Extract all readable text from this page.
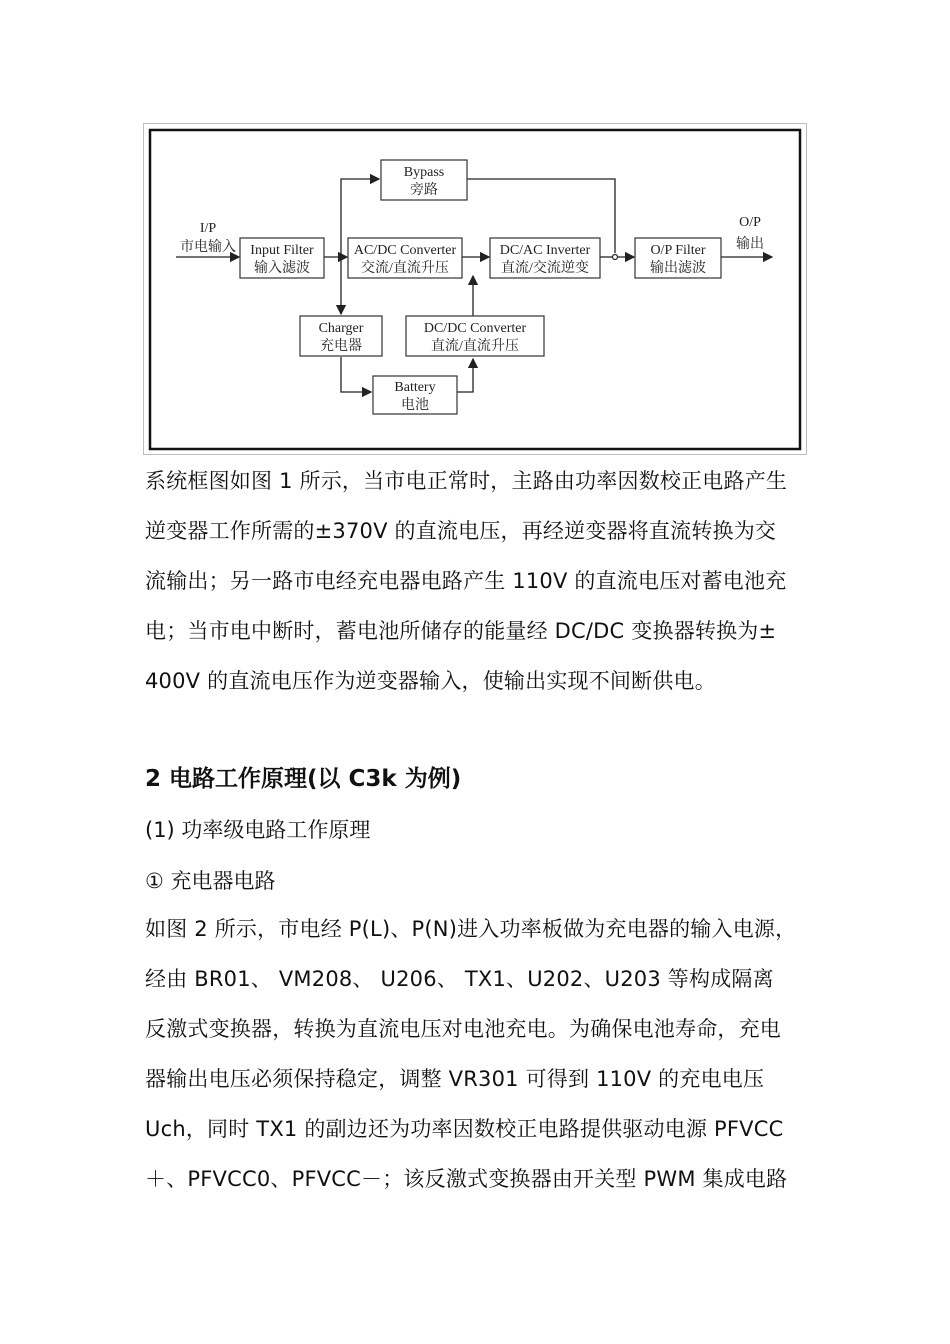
Bypass
旁路
Input Filter
输入滤波
AC/DC Converter
交流/直流升压
DC/AC Inverter
直流/交流逆变
O/P Filter
输出滤波
Charger
充电器
DC/DC Converter
直流/直流升压
Battery
电池
I/P
市电输入
O/P
输出
系统框图如图 1 所示，当市电正常时，主路由功率因数校正电路产生
逆变器工作所需的±370V 的直流电压，再经逆变器将直流转换为交
流输出；另一路市电经充电器电路产生 110V 的直流电压对蓄电池充
电；当市电中断时，蓄电池所储存的能量经 DC/DC 变换器转换为±
400V 的直流电压作为逆变器输入，使输出实现不间断供电。
2 电路工作原理(以 C3k 为例)
(1) 功率级电路工作原理
① 充电器电路
如图 2 所示，市电经 P(L)、P(N)进入功率板做为充电器的输入电源，
经由 BR01、 VM208、 U206、 TX1、U202、U203 等构成隔离
反激式变换器，转换为直流电压对电池充电。为确保电池寿命，充电
器输出电压必须保持稳定，调整 VR301 可得到 110V 的充电电压
Uch，同时 TX1 的副边还为功率因数校正电路提供驱动电源 PFVCC
＋、PFVCC0、PFVCC－；该反激式变换器由开关型 PWM 集成电路
